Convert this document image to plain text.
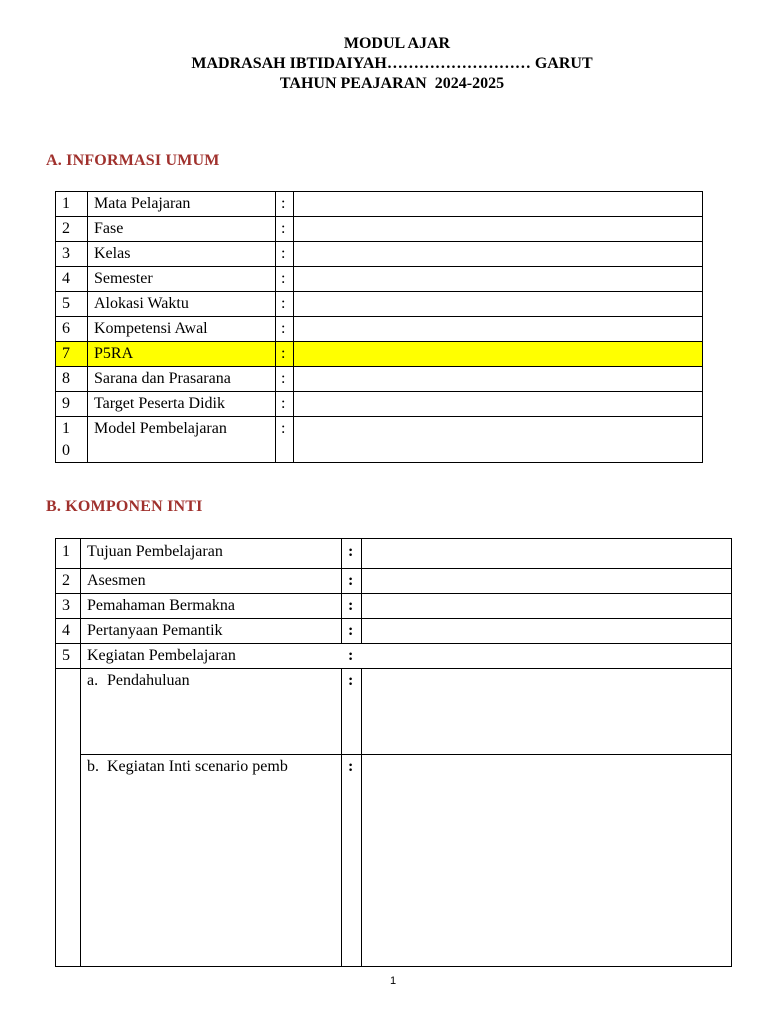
MODUL AJAR
MADRASAH IBTIDAIYAH……………………… GARUT
TAHUN PEAJARAN  2024-2025
A. INFORMASI UMUM
1	Mata Pelajaran	:	
2	Fase	:	
3	Kelas	:	
4	Semester	:	
5	Alokasi Waktu	:	
6	Kompetensi Awal	:	
7	P5RA	:	
8	Sarana dan Prasarana	:	
9	Target Peserta Didik	:	

10	Model Pembelajaran	:	
B. KOMPONEN INTI
1	Tujuan Pembelajaran	:	
2	Asesmen	:	
3	Pemahaman Bermakna	:	
4	Pertanyaan Pemantik	:	
5	Kegiatan Pembelajaran :		
	a. Pendahuluan	:	
	b. Kegiatan Inti scenario pemb	:	
1
